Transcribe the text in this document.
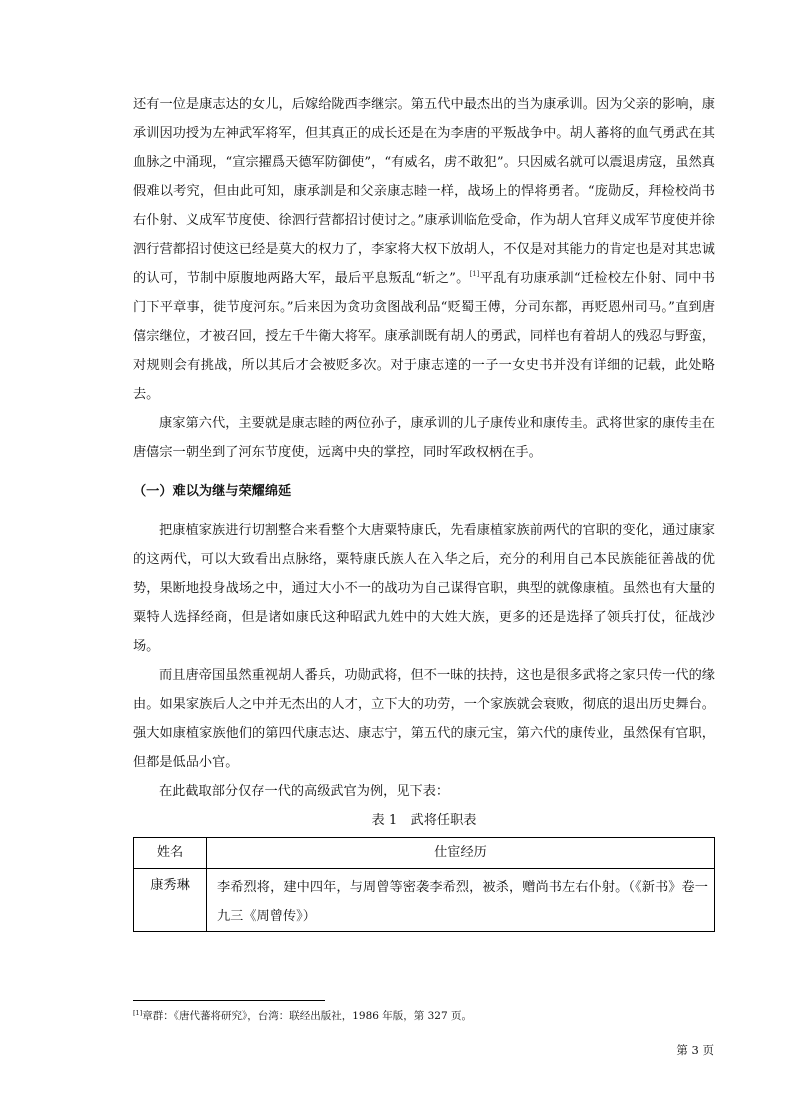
还有一位是康志达的女儿，后嫁给陇西李继宗。第五代中最杰出的当为康承训。因为父亲的影响，康承训因功授为左神武军将军，但其真正的成长还是在为李唐的平叛战争中。胡人蕃将的血气勇武在其血脉之中涌现，“宣宗擢爲天德军防御使”，“有威名，虏不敢犯”。只因威名就可以震退虏寇，虽然真假难以考究，但由此可知，康承訓是和父亲康志睦一样，战场上的悍将勇者。“庞勋反，拜检校尚书右仆射、义成军节度使、徐泗行营都招讨使讨之。”康承训临危受命，作为胡人官拜义成军节度使并徐泗行营都招讨使这已经是莫大的权力了，李家将大权下放胡人，不仅是对其能力的肯定也是对其忠诚的认可，节制中原腹地两路大军，最后平息叛乱“斩之”。[1]平乱有功康承訓“迁检校左仆射、同中书门下平章事，徙节度河东。”后来因为贪功贪图战利品“贬蜀王傅，分司东都，再贬恩州司马。”直到唐僖宗继位，才被召回，授左千牛衛大将军。康承訓既有胡人的勇武，同样也有着胡人的残忍与野蛮，对规则会有挑战，所以其后才会被贬多次。对于康志達的一子一女史书并没有详细的记载，此处略去。

康家第六代，主要就是康志睦的两位孙子，康承训的儿子康传业和康传圭。武将世家的康传圭在唐僖宗一朝坐到了河东节度使，远离中央的掌控，同时军政权柄在手。

（一）难以为继与荣耀绵延

把康植家族进行切割整合来看整个大唐粟特康氏，先看康植家族前两代的官职的变化，通过康家的这两代，可以大致看出点脉络，粟特康氏族人在入华之后，充分的利用自己本民族能征善战的优势，果断地投身战场之中，通过大小不一的战功为自己谋得官职，典型的就像康植。虽然也有大量的粟特人选择经商，但是诸如康氏这种昭武九姓中的大姓大族，更多的还是选择了领兵打仗，征战沙场。

而且唐帝国虽然重视胡人番兵，功勋武将，但不一昧的扶持，这也是很多武将之家只传一代的缘由。如果家族后人之中并无杰出的人才，立下大的功劳，一个家族就会衰败，彻底的退出历史舞台。强大如康植家族他们的第四代康志达、康志宁，第五代的康元宝，第六代的康传业，虽然保有官职，但都是低品小官。

在此截取部分仅存一代的高级武官为例，见下表：

表 1　武将任职表

姓名	仕宦经历
康秀琳	李希烈将，建中四年，与周曾等密袭李希烈，被杀，赠尚书左右仆射。（《新书》卷一九三《周曾传》）
[1]章群：《唐代蕃将研究》，台湾：联经出版社，1986 年版，第 327 页。
第 3 页
